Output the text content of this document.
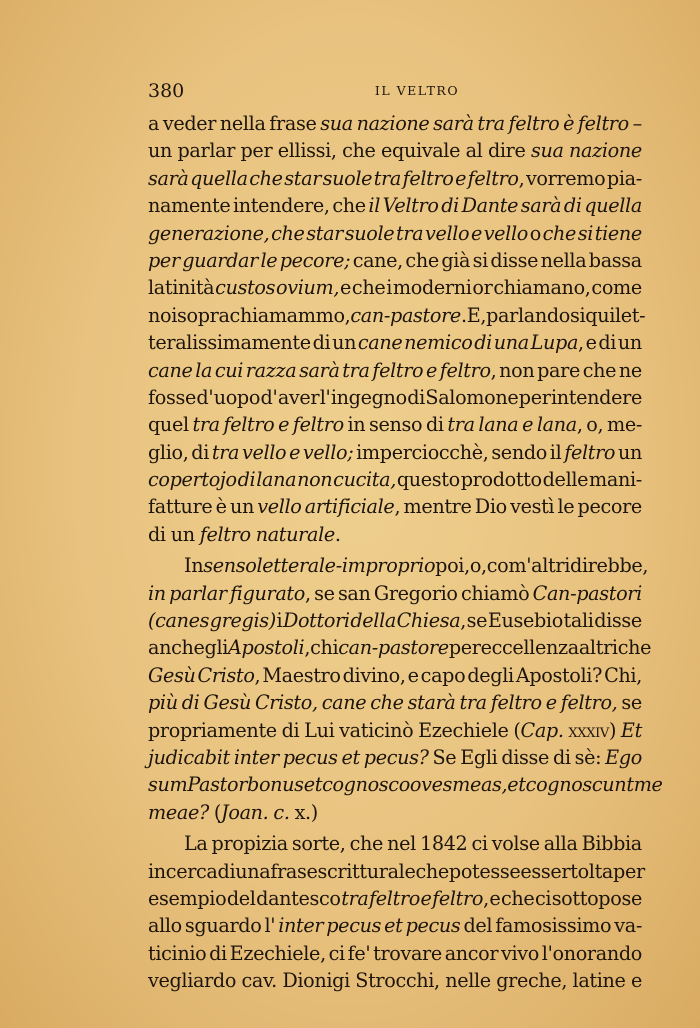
380	IL VELTRO
a veder nella frase sua nazione sarà tra feltro è feltro –
un parlar per ellissi, che equivale al dire sua nazione
sarà quella che star suole tra feltro e feltro, vorremo pia-
namente intendere, che il Veltro di Dante sarà di quella
generazione, che star suole tra vello e vello o che si tiene
per guardar le pecore; cane, che già si disse nella bassa
latinità custos ovium, e che i moderni or chiamano, come
noi sopra chiamammo, can-pastore. E, parlandosi qui let-
teralissimamente di un cane nemico di una Lupa, e di un
cane la cui razza sarà tra feltro e feltro, non pare che ne
fosse d' uopo d' aver l' ingegno di Salomone per intendere
quel tra feltro e feltro in senso di tra lana e lana, o, me-
glio, di tra vello e vello; imperciocchè, sendo il feltro un
copertojo di lana non cucita, questo prodotto delle mani-
fatture è un vello artificiale, mentre Dio vestì le pecore
di un feltro naturale.
In senso letterale-improprio poi, o, com' altri direbbe,
in parlar figurato, se san Gregorio chiamò Can-pastori
(canes gregis) i Dottori della Chiesa, se Eusebio tali disse
anche gli Apostoli, chi can-pastore per eccellenza altri che
Gesù Cristo, Maestro divino, e capo degli Apostoli? Chi,
più di Gesù Cristo, cane che starà tra feltro e feltro, se
propriamente di Lui vaticinò Ezechiele (Cap. xxxiv) Et
judicabit inter pecus et pecus? Se Egli disse di sè: Ego
sum Pastor bonus et cognosco oves meas, et cognoscunt me
meae? (Joan. c. x.)
La propizia sorte, che nel 1842 ci volse alla Bibbia
in cerca di una frase scritturale che potesse esser tolta per
esempio del dantesco tra feltro e feltro, e che ci sottopose
allo sguardo l' inter pecus et pecus del famosissimo va-
ticinio di Ezechiele, ci fe' trovare ancor vivo l'onorando
vegliardo cav. Dionigi Strocchi, nelle greche, latine e
